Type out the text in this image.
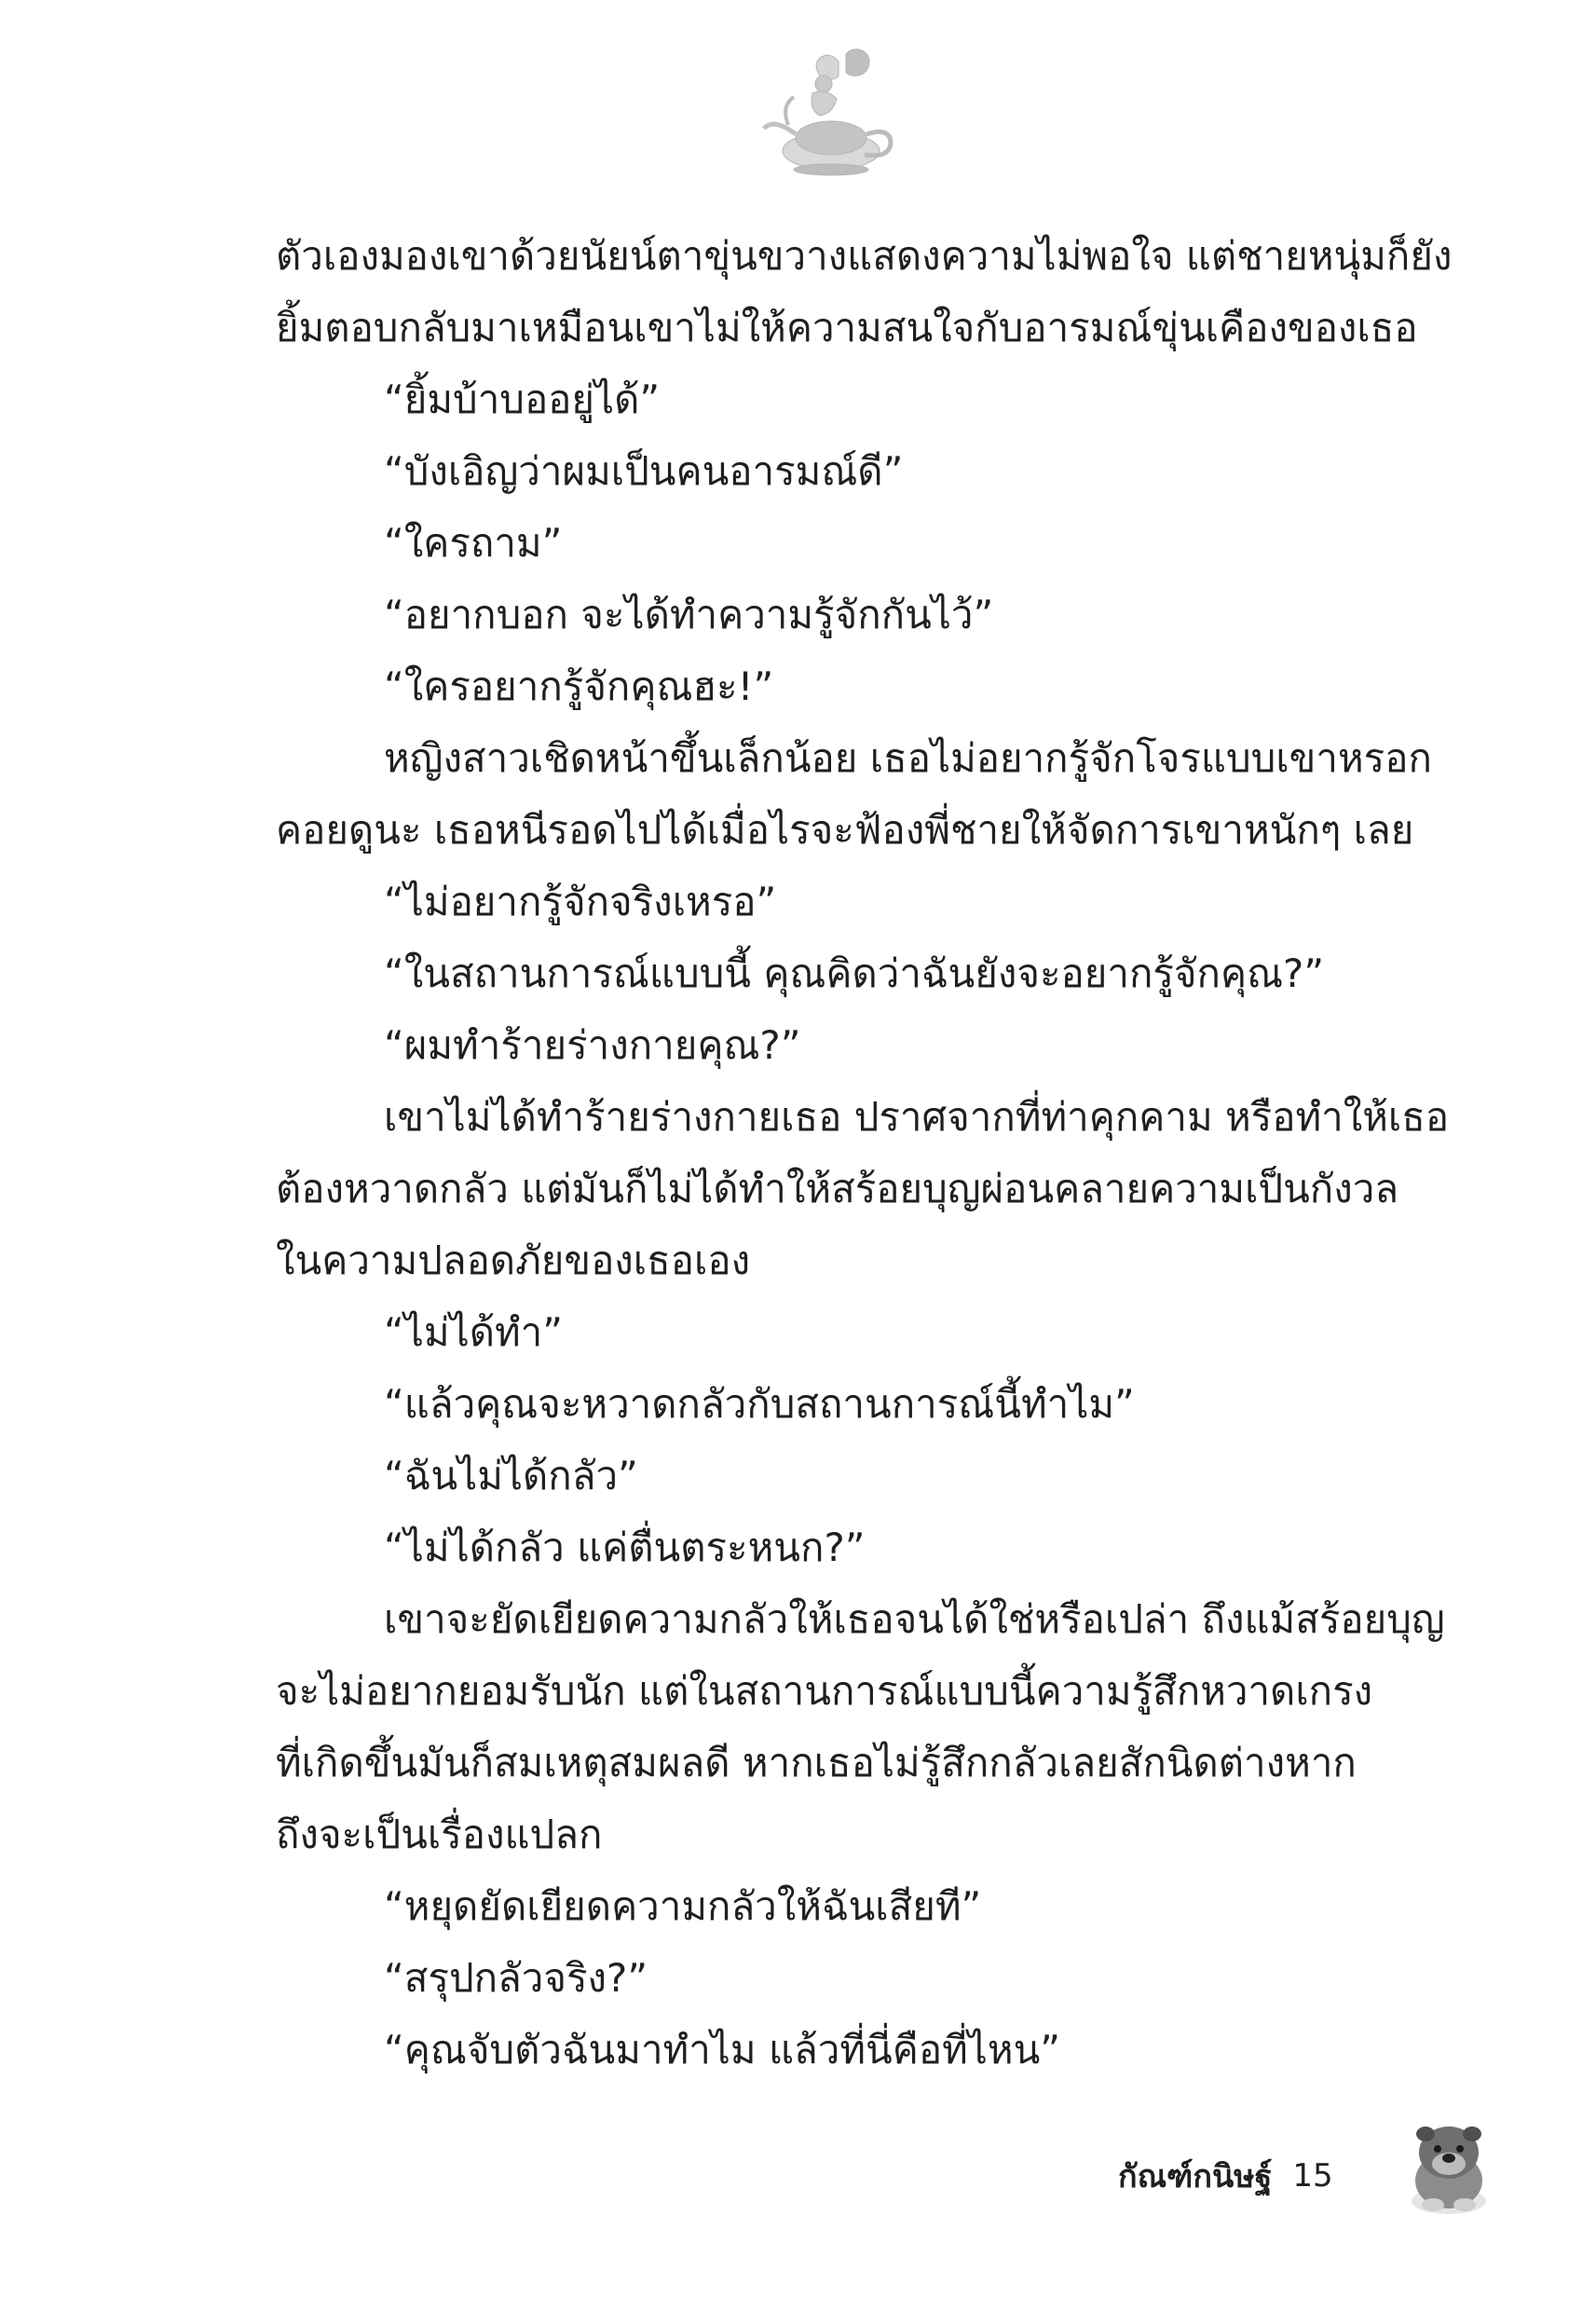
ตัวเองมองเขาด้วยนัยน์ตาขุ่นขวางแสดงความไม่พอใจ แต่ชายหนุ่มก็ยัง
ยิ้มตอบกลับมาเหมือนเขาไม่ให้ความสนใจกับอารมณ์ขุ่นเคืองของเธอ
“ยิ้มบ้าบออยู่ได้”
“บังเอิญว่าผมเป็นคนอารมณ์ดี”
“ใครถาม”
“อยากบอก จะได้ทำความรู้จักกันไว้”
“ใครอยากรู้จักคุณฮะ!”
หญิงสาวเชิดหน้าขึ้นเล็กน้อย เธอไม่อยากรู้จักโจรแบบเขาหรอก
คอยดูนะ เธอหนีรอดไปได้เมื่อไรจะฟ้องพี่ชายให้จัดการเขาหนักๆ เลย
“ไม่อยากรู้จักจริงเหรอ”
“ในสถานการณ์แบบนี้ คุณคิดว่าฉันยังจะอยากรู้จักคุณ?”
“ผมทำร้ายร่างกายคุณ?”
เขาไม่ได้ทำร้ายร่างกายเธอ ปราศจากที่ท่าคุกคาม หรือทำให้เธอ
ต้องหวาดกลัว แต่มันก็ไม่ได้ทำให้สร้อยบุญผ่อนคลายความเป็นกังวล
ในความปลอดภัยของเธอเอง
“ไม่ได้ทำ”
“แล้วคุณจะหวาดกลัวกับสถานการณ์นี้ทำไม”
“ฉันไม่ได้กลัว”
“ไม่ได้กลัว แค่ตื่นตระหนก?”
เขาจะยัดเยียดความกลัวให้เธอจนได้ใช่หรือเปล่า ถึงแม้สร้อยบุญ
จะไม่อยากยอมรับนัก แต่ในสถานการณ์แบบนี้ความรู้สึกหวาดเกรง
ที่เกิดขึ้นมันก็สมเหตุสมผลดี หากเธอไม่รู้สึกกลัวเลยสักนิดต่างหาก
ถึงจะเป็นเรื่องแปลก
“หยุดยัดเยียดความกลัวให้ฉันเสียที”
“สรุปกลัวจริง?”
“คุณจับตัวฉันมาทำไม แล้วที่นี่คือที่ไหน”
กัณฑ์กนิษฐ์ 15
